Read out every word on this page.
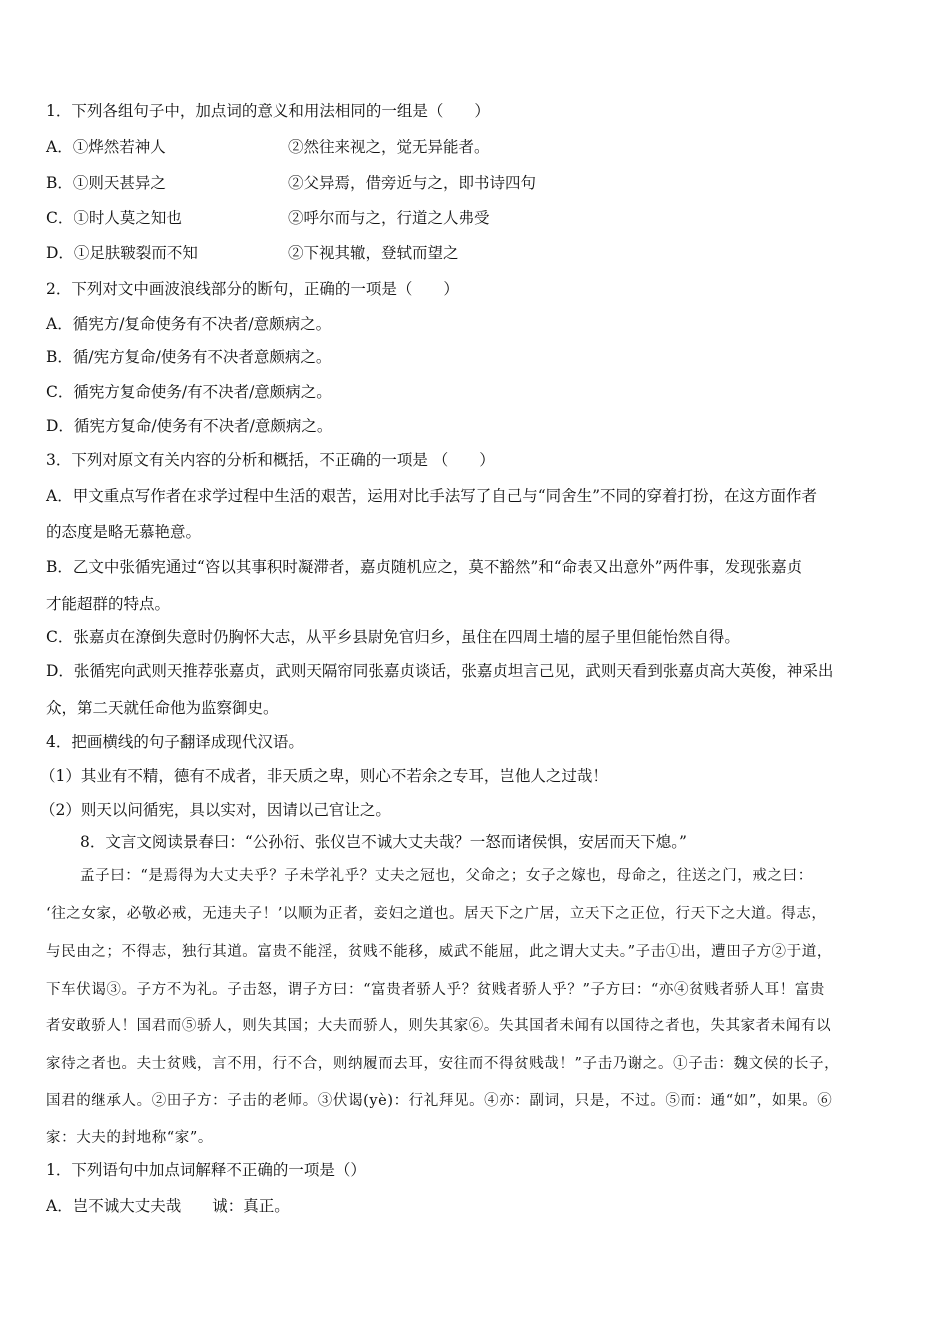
1．下列各组句子中，加点词的意义和用法相同的一组是（　　）
A．①烨然若神人	②然往来视之，觉无异能者。
B．①则天甚异之	②父异焉，借旁近与之，即书诗四句
C．①时人莫之知也	②呼尔而与之，行道之人弗受
D．①足肤皲裂而不知	②下视其辙，登轼而望之
2．下列对文中画波浪线部分的断句，正确的一项是（　　）
A．循宪方/复命使务有不决者/意颇病之。
B．循/宪方复命/使务有不决者意颇病之。
C．循宪方复命使务/有不决者/意颇病之。
D．循宪方复命/使务有不决者/意颇病之。
3．下列对原文有关内容的分析和概括，不正确的一项是 （　　）
A．甲文重点写作者在求学过程中生活的艰苦，运用对比手法写了自己与“同舍生”不同的穿着打扮，在这方面作者
的态度是略无慕艳意。
B．乙文中张循宪通过“咨以其事积时凝滞者，嘉贞随机应之，莫不豁然”和“命表又出意外”两件事，发现张嘉贞
才能超群的特点。
C．张嘉贞在潦倒失意时仍胸怀大志，从平乡县尉免官归乡，虽住在四周土墙的屋子里但能怡然自得。
D．张循宪向武则天推荐张嘉贞，武则天隔帘同张嘉贞谈话，张嘉贞坦言己见，武则天看到张嘉贞高大英俊，神采出
众，第二天就任命他为监察御史。
4．把画横线的句子翻译成现代汉语。
（1）其业有不精，德有不成者，非天质之卑，则心不若余之专耳，岂他人之过哉！
（2）则天以问循宪，具以实对，因请以己官让之。
8．文言文阅读景春曰：“公孙衍、张仪岂不诚大丈夫哉？一怒而诸侯惧，安居而天下熄。”
孟子曰：“是焉得为大丈夫乎？子未学礼乎？丈夫之冠也，父命之；女子之嫁也，母命之，往送之门，戒之曰：
‘往之女家，必敬必戒，无违夫子！’以顺为正者，妾妇之道也。居天下之广居，立天下之正位，行天下之大道。得志，
与民由之；不得志，独行其道。富贵不能淫，贫贱不能移，威武不能屈，此之谓大丈夫。”子击①出，遭田子方②于道，
下车伏谒③。子方不为礼。子击怒，谓子方曰：“富贵者骄人乎？贫贱者骄人乎？”子方曰：“亦④贫贱者骄人耳！富贵
者安敢骄人！国君而⑤骄人，则失其国；大夫而骄人，则失其家⑥。失其国者未闻有以国待之者也，失其家者未闻有以
家待之者也。夫士贫贱，言不用，行不合，则纳履而去耳，安往而不得贫贱哉！”子击乃谢之。①子击：魏文侯的长子，
国君的继承人。②田子方：子击的老师。③伏谒(yè)：行礼拜见。④亦：副词，只是，不过。⑤而：通“如”，如果。⑥
家：大夫的封地称“家”。
1．下列语句中加点词解释不正确的一项是（）
A．岂不诚大丈夫哉　　诚：真正。
